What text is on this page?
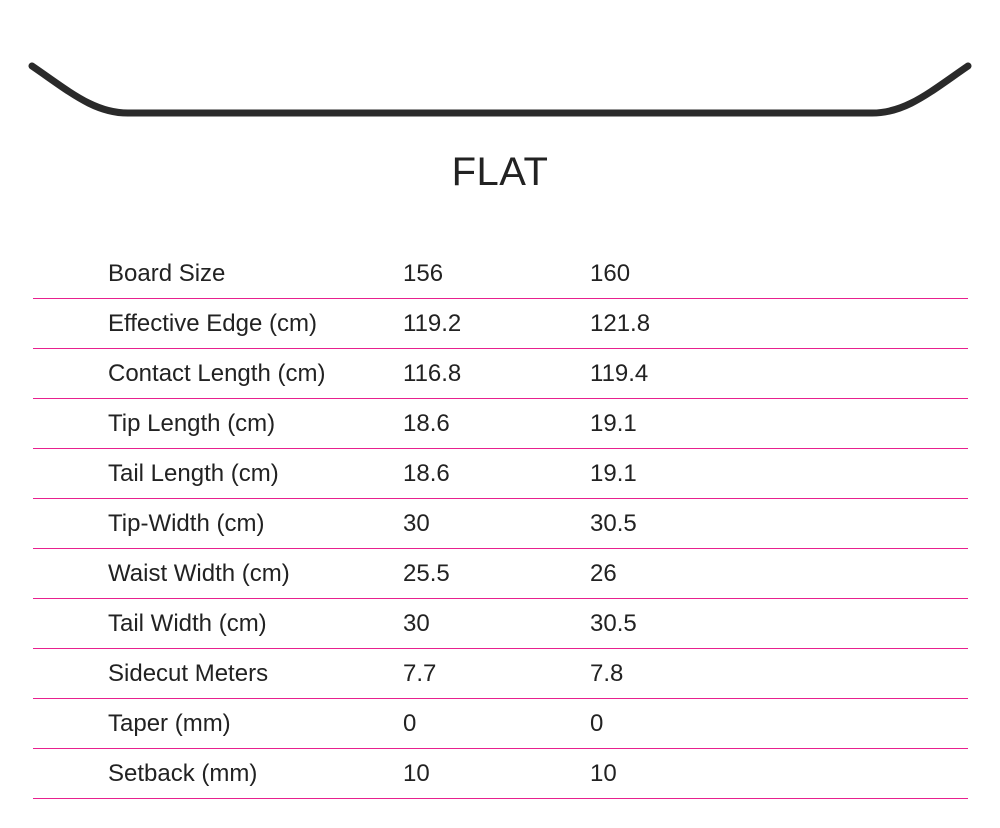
FLAT
Board Size	156	160
Effective Edge (cm)	119.2	121.8
Contact Length (cm)	116.8	119.4
Tip Length (cm)	18.6	19.1
Tail Length (cm)	18.6	19.1
Tip-Width (cm)	30	30.5
Waist Width (cm)	25.5	26
Tail Width (cm)	30	30.5
Sidecut Meters	7.7	7.8
Taper (mm)	0	0
Setback (mm)	10	10
